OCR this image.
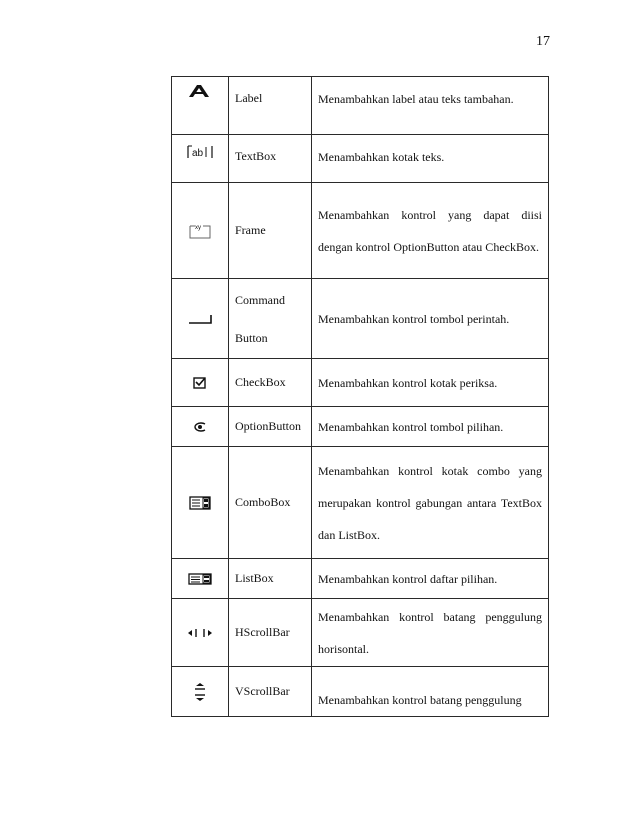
17
	Label	Menambahkan label atau teks tambahan.

ab	TextBox	Menambahkan kotak teks.

xy	Frame	Menambahkan kontrol yang dapat diisi dengan kontrol OptionButton atau CheckBox.

Command
Button	Menambahkan kontrol tombol perintah.

	CheckBox	Menambahkan kontrol kotak periksa.

	OptionButton	Menambahkan kontrol tombol pilihan.

	ComboBox	Menambahkan kontrol kotak combo yang merupakan kontrol gabungan antara TextBox dan ListBox.

	ListBox	Menambahkan kontrol daftar pilihan.

	HScrollBar	Menambahkan kontrol batang penggulung horisontal.

	VScrollBar	Menambahkan kontrol batang penggulung
